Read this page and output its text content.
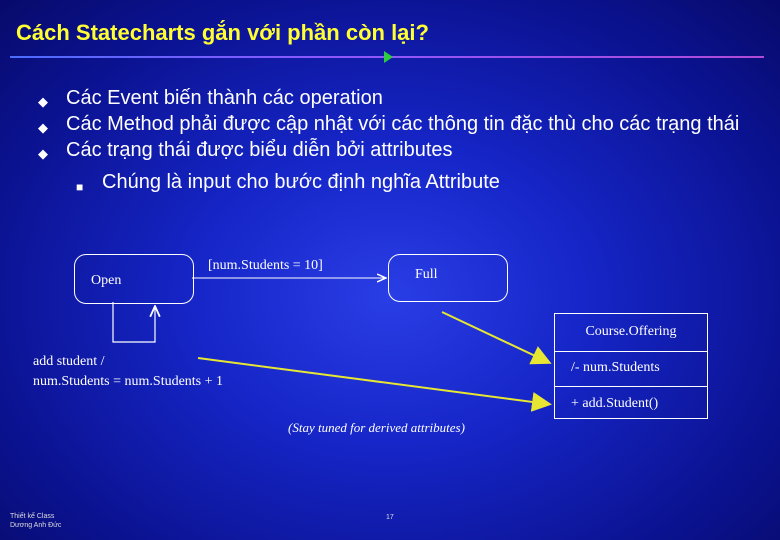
Cách Statecharts gắn với phần còn lại?
◆ Các Event biến thành các operation
◆ Các Method phải được cập nhật với các thông tin đặc thù cho các trạng thái
◆ Các trạng thái được biểu diễn bởi attributes
■ Chúng là input cho bước định nghĩa Attribute
Open	Full
[num.Students = 10]
add student /
num.Students = num.Students + 1
Course.Offering
/- num.Students
+ add.Student()
(Stay tuned for derived attributes)
Thiết kế Class
Dương Anh Đức
17
